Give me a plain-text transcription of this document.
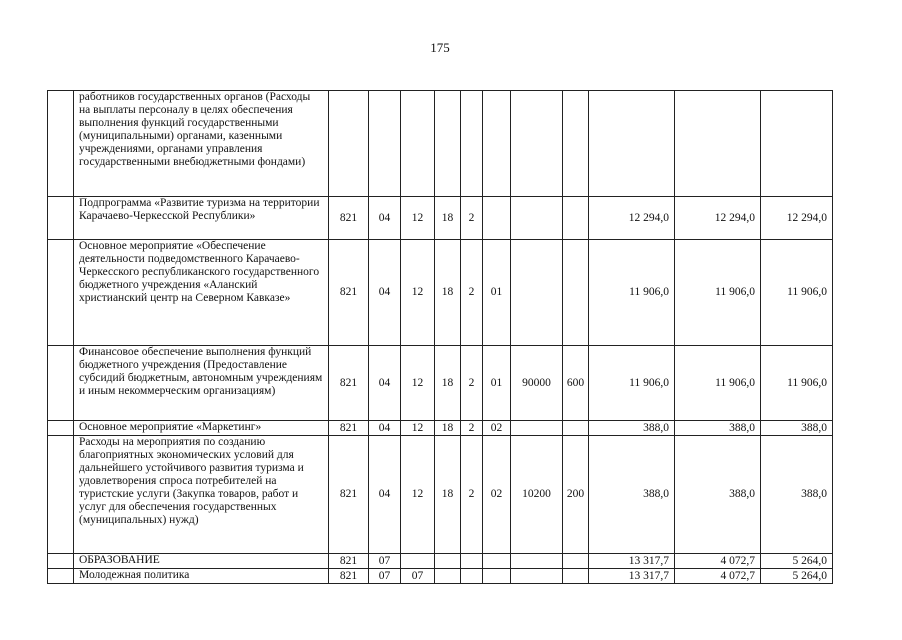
175
	работников государственных органов (Расходы на выплаты персоналу в целях обеспечения выполнения функций государственными (муниципальными) органами, казенными учреждениями, органами управления государственными внебюджетными фондами)											
	Подпрограмма «Развитие туризма на территории Карачаево-Черкесской Республики»	821	04	12	18	2				12 294,0	12 294,0	12 294,0
	Основное мероприятие «Обеспечение деятельности подведомственного Карачаево-Черкесского республиканского государственного бюджетного учреждения «Аланский христианский центр на Северном Кавказе»	821	04	12	18	2	01			11 906,0	11 906,0	11 906,0
	Финансовое обеспечение выполнения функций бюджетного учреждения (Предоставление субсидий бюджетным, автономным учреждениям и иным некоммерческим организациям)	821	04	12	18	2	01	90000	600	11 906,0	11 906,0	11 906,0
	Основное мероприятие «Маркетинг»	821	04	12	18	2	02			388,0	388,0	388,0
	Расходы на мероприятия по созданию благоприятных экономических условий для дальнейшего устойчивого развития туризма и удовлетворения спроса потребителей на туристские услуги (Закупка товаров, работ и услуг для обеспечения государственных (муниципальных) нужд)	821	04	12	18	2	02	10200	200	388,0	388,0	388,0
	ОБРАЗОВАНИЕ	821	07							13 317,7	4 072,7	5 264,0
	Молодежная политика	821	07	07						13 317,7	4 072,7	5 264,0
